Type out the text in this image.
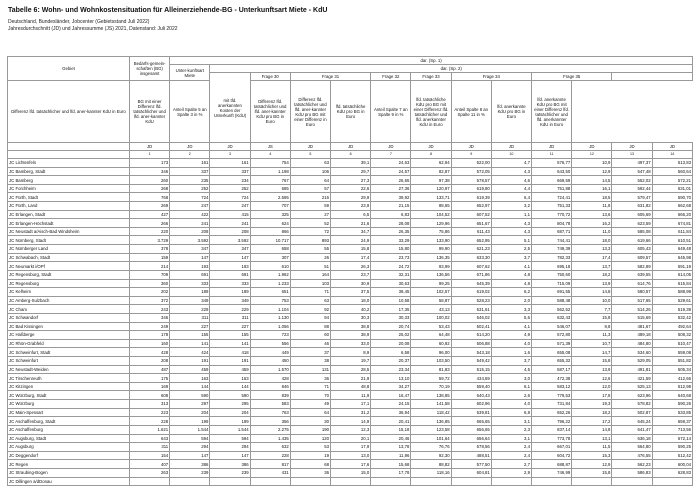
Tabelle 6: Wohn- und Wohnkostensituation für Alleinerziehende-BG - Unterkunftsart Miete - KdU
Deutschland, Bundesländer, Jobcenter (Gebietsstand Juli 2022)
Jahresdurchschnitt (JD) und Jahressumme (JS) 2021, Datenstand: Juli 2022
Gebiet	Bedarfs-gemein-schaften (BG) insgesamt	dar. (Sp. 1)												
		Unter-kunftsart Miete	dar. (Sp. 2)											
			mit tfd. anerkannten Kosten der Unterkunft (KdU)	Frage 30	Frage 31		Frage 32	Frage 33	Frage 34		Frage 35			
Differenz lfd. tatsächlicher und lfd. aner-kannter KdU in Euro	BG mit einer Differenz lfd. tatsächlicher und lfd. aner-kannter KdU	Anteil Spalte 5 an Spalte 3 in %		Differenz lfd. tatsächlicher und lfd. aner-kannter KdU pro BG in Euro	Differenz lfd. tatsächlicher und lfd. aner-kannter KdU pro BG mit einer Differenz in Euro	lfd. tatsächliche KdU pro BG in Euro	Anteil Spalte 7 an Spalte 9 in %	lfd. tatsächliche KdU pro BG mit einer Differenz lfd. tatsächlicher und lfd. anerkannter KdU in Euro	Anteil Spalte 8 an Spalte 11 in %	lfd. anerkannte KdU pro BG in Euro	lfd. anerkannte KdU pro BG mit einer Differenz lfd. tatsächlicher und lfd. anerkannter KdU in Euro			
	JD	JD	JD	JS	JD	JD	JD	JD	JD	JD	JD	JD	JD	JD
	1	2	3	4	5	6	7	8	9	10	11	12	13	14
JC Lichtenfels	173	161	161	754	63	39,1	24,63	62,94	522,00	4,7	576,77	10,9	497,37	513,83
JC Bamberg, Stadt	346	337	337	1.198	106	29,7	24,57	82,87	572,05	4,3	643,50	12,9	547,48	560,64
JC Bamberg	260	235	234	767	64	27,3	26,55	97,38	578,57	4,6	669,59	14,5	552,02	572,21
JC Forchheim	268	252	252	685	57	22,6	27,36	120,97	619,80	4,4	751,88	16,1	592,44	631,01
JC Fürth, Stadt	768	724	724	2.595	216	29,9	39,92	133,71	619,39	6,4	724,41	18,5	579,47	590,70
JC Fürth, Land	269	247	247	707	59	23,9	21,15	88,65	652,97	3,2	751,33	11,8	631,82	662,68
JC Erlangen, Stadt	427	422	415	325	27	6,5	6,83	104,52	607,52	1,1	770,72	13,6	605,69	666,20
JC Erlangen-Höchstadt	266	241	241	624	52	21,6	28,08	129,96	651,67	4,3	804,78	16,2	623,59	674,81
JC Neustadt a/Aisch-Bad Windsheim	220	208	208	866	72	34,7	26,35	75,86	611,43	4,3	687,71	11,0	585,08	611,84
JC Nürnberg, Stadt	3.729	3.592	3.592	10.717	893	24,9	33,29	133,90	652,95	5,1	744,41	18,0	619,66	610,51
JC Nürnberger Land	378	347	347	658	55	15,8	15,80	99,90	621,23	2,5	749,39	13,3	605,43	649,48
JC Schwabach, Stadt	159	147	147	307	26	17,4	23,73	136,35	633,30	3,7	782,33	17,4	609,57	645,98
JC Neumarkt i/OPf	214	193	193	610	51	26,3	24,72	93,99	607,62	4,1	695,18	13,7	582,89	591,19
JC Regensburg, Stadt	709	691	691	1.962	164	23,7	32,31	136,56	671,86	4,8	750,60	18,2	639,55	614,05
JC Regensburg	360	333	333	1.233	103	30,9	30,63	99,25	645,39	4,8	715,09	13,9	614,76	615,84
JC Kelheim	202	189	189	651	71	37,5	38,45	102,57	619,02	6,2	691,55	14,8	580,57	588,99
JC Amberg-Sulzbach	372	349	349	753	63	18,0	10,58	58,87	528,23	2,0	588,48	10,0	517,65	529,61
JC Cham	243	229	229	1.104	92	40,2	17,35	43,13	531,61	3,3	562,52	7,7	514,26	519,39
JC Schwandorf	346	311	311	1.130	94	30,3	30,33	100,02	546,02	5,6	632,43	15,8	515,69	532,42
JC Bad Kissingen	249	227	227	1.056	88	38,8	20,74	53,43	502,41	4,1	546,07	9,8	481,67	492,64
JC Haßberge	178	155	155	723	60	38,9	25,02	64,48	514,20	4,9	572,80	11,3	489,18	508,32
JC Rhön-Grabfeld	160	141	141	556	46	33,0	20,08	60,92	506,88	4,0	571,39	10,7	484,80	510,47
JC Schweinfurt, Stadt	428	424	418	449	37	8,9	6,58	96,00	543,18	1,6	655,08	14,7	534,60	559,08
JC Schweinfurt	208	191	191	450	38	19,7	20,37	103,50	549,42	3,7	655,32	15,8	529,05	551,82
JC Neustadt-Weiden	487	459	459	1.570	131	28,5	23,34	81,83	515,15	4,5	587,17	13,9	491,81	505,34
JC Tirschenreuth	175	163	163	428	36	21,9	13,10	59,72	434,69	3,0	472,38	12,6	421,59	412,66
JC Kitzingen	169	144	144	846	71	48,8	34,27	70,19	559,40	6,1	583,12	12,0	525,13	512,98
JC Würzburg, Stadt	608	590	590	839	70	11,9	16,47	138,85	640,43	2,6	779,53	17,8	623,96	640,68
JC Würzburg	313	297	295	583	49	17,1	24,15	141,58	602,96	4,0	731,84	19,3	578,82	590,26
JC Main-Spessart	223	204	204	763	64	31,2	36,94	118,42	539,81	6,8	652,26	18,2	502,87	533,85
JC Aschaffenburg, Stadt	228	199	199	356	30	14,9	20,41	136,85	665,65	3,1	796,22	17,2	645,24	659,37
JC Aschaffenburg	1.621	1.544	1.544	2.275	190	12,3	15,18	123,58	656,65	2,3	837,14	14,8	641,47	713,56
JC Augsburg, Stadt	643	594	594	1.435	120	20,1	20,46	101,64	656,64	3,1	773,78	13,1	636,18	672,14
JC Augsburg	311	294	294	632	53	17,9	13,78	76,76	578,56	2,4	667,01	11,5	564,80	590,25
JC Deggendorf	154	147	147	228	19	13,0	11,96	92,30	488,51	2,4	604,72	15,3	476,55	512,42
JC Regen	407	386	386	817	68	17,6	15,68	88,82	577,50	2,7	688,87	12,9	562,23	600,04
JC Straubing-Bogen	263	239	239	431	36	15,0	17,78	118,16	604,81	2,9	746,99	15,8	586,83	628,83
JC Dillingen a/dDonau														
